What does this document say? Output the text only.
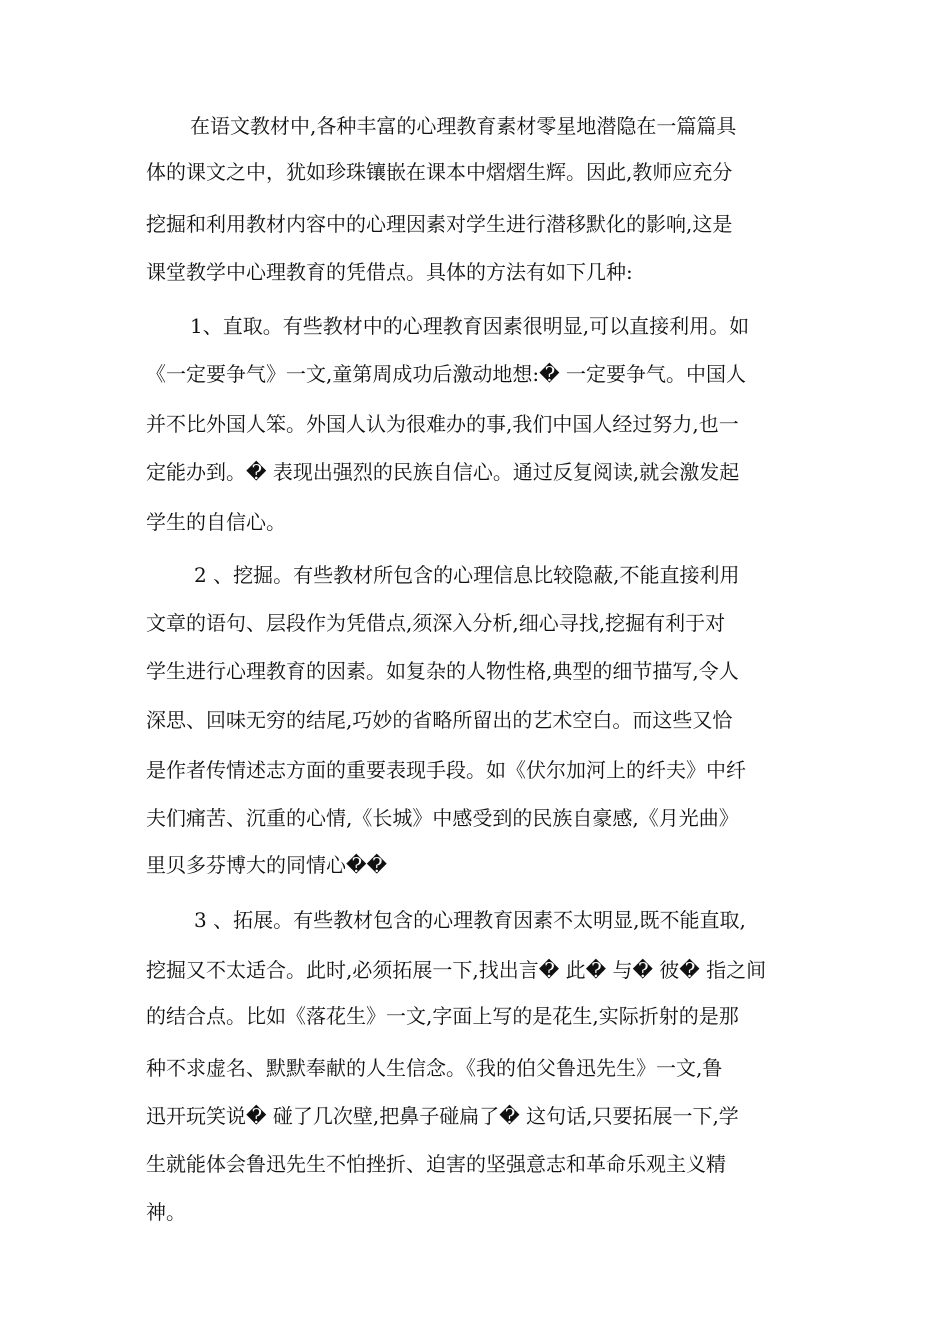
在语文教材中,各种丰富的心理教育素材零星地潜隐在一篇篇具
体的课文之中，犹如珍珠镶嵌在课本中熠熠生辉。因此,教师应充分
挖掘和利用教材内容中的心理因素对学生进行潜移默化的影响,这是
课堂教学中心理教育的凭借点。具体的方法有如下几种:
1、直取。有些教材中的心理教育因素很明显,可以直接利用。如
《一定要争气》一文,童第周成功后激动地想:� 一定要争气。中国人
并不比外国人笨。外国人认为很难办的事,我们中国人经过努力,也一
定能办到。� 表现出强烈的民族自信心。通过反复阅读,就会激发起
学生的自信心。
2 、挖掘。有些教材所包含的心理信息比较隐蔽,不能直接利用
文章的语句、层段作为凭借点,须深入分析,细心寻找,挖掘有利于对
学生进行心理教育的因素。如复杂的人物性格,典型的细节描写,令人
深思、回味无穷的结尾,巧妙的省略所留出的艺术空白。而这些又恰
是作者传情述志方面的重要表现手段。如《伏尔加河上的纤夫》中纤
夫们痛苦、沉重的心情,《长城》中感受到的民族自豪感,《月光曲》
里贝多芬博大的同情心��
3 、拓展。有些教材包含的心理教育因素不太明显,既不能直取,
挖掘又不太适合。此时,必须拓展一下,找出言� 此� 与� 彼� 指之间
的结合点。比如《落花生》一文,字面上写的是花生,实际折射的是那
种不求虚名、默默奉献的人生信念。《我的伯父鲁迅先生》一文,鲁
迅开玩笑说� 碰了几次壁,把鼻子碰扁了� 这句话,只要拓展一下,学
生就能体会鲁迅先生不怕挫折、迫害的坚强意志和革命乐观主义精
神。
